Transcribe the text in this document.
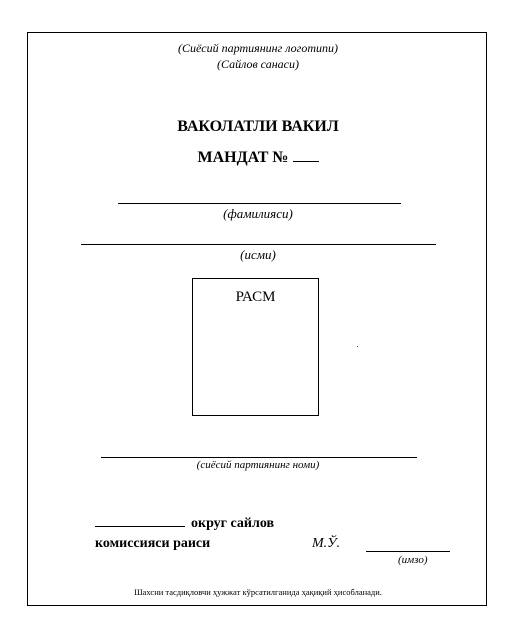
(Сиёсий партиянинг логотипи)
(Сайлов санаси)
ВАКОЛАТЛИ ВАКИЛ
МАНДАТ №
(фамилияси)
(исми)
РАСМ
(сиёсий партиянинг номи)
округ сайлов
комиссияси раиси	М.Ў.
(имзо)
Шахсни тасдиқловчи ҳужжат кўрсатилганида ҳақиқий ҳисобланади.
